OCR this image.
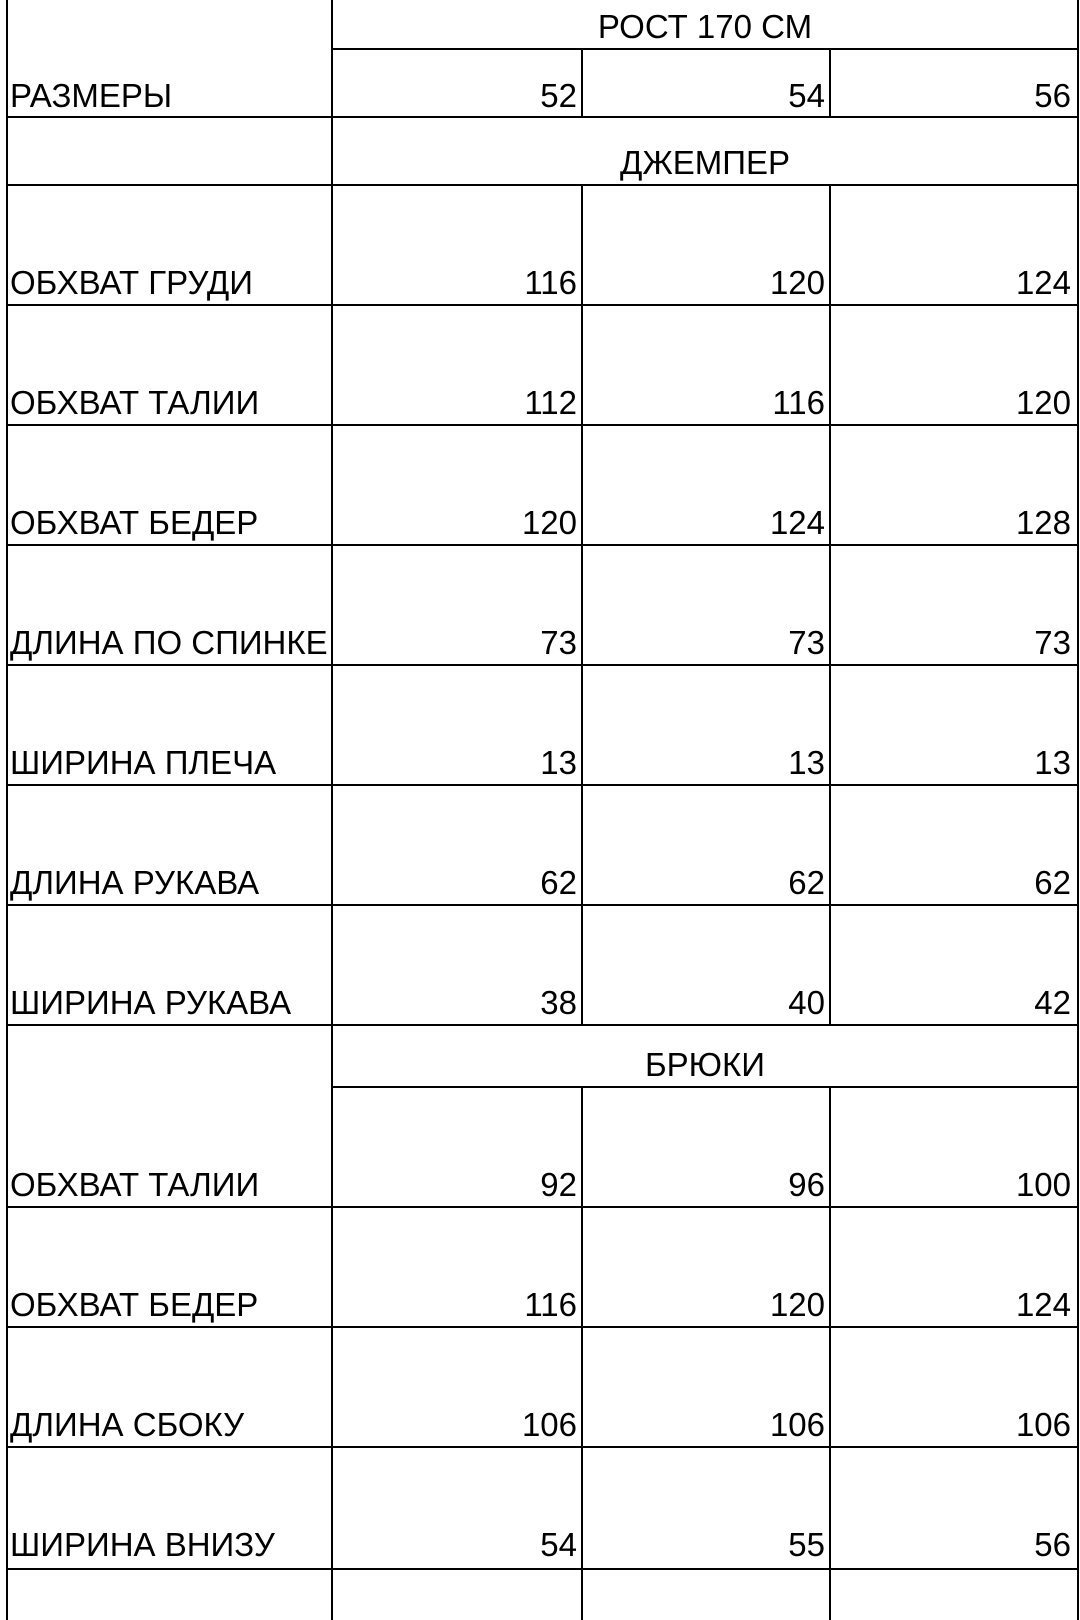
РОСТ 170 СМ
РАЗМЕРЫ	52	54	56
ДЖЕМПЕР
ОБХВАТ ГРУДИ	116	120	124
ОБХВАТ ТАЛИИ	112	116	120
ОБХВАТ БЕДЕР	120	124	128
ДЛИНА ПО СПИНКЕ	73	73	73
ШИРИНА ПЛЕЧА	13	13	13
ДЛИНА РУКАВА	62	62	62
ШИРИНА РУКАВА	38	40	42
БРЮКИ
ОБХВАТ ТАЛИИ	92	96	100
ОБХВАТ БЕДЕР	116	120	124
ДЛИНА СБОКУ	106	106	106
ШИРИНА ВНИЗУ	54	55	56
